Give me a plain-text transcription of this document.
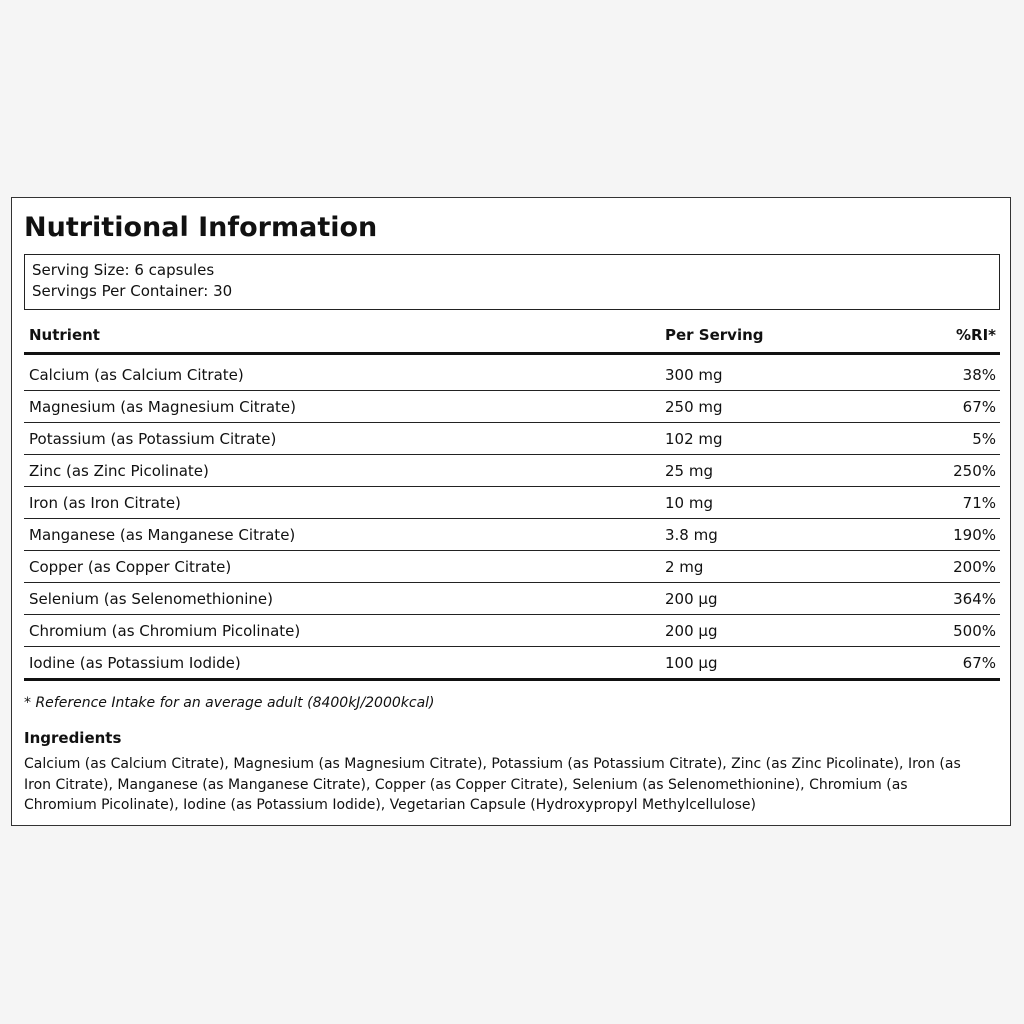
Nutritional Information
Serving Size: 6 capsules
Servings Per Container: 30
Nutrient	Per Serving	%RI*
Calcium (as Calcium Citrate)	300 mg	38%
Magnesium (as Magnesium Citrate)	250 mg	67%
Potassium (as Potassium Citrate)	102 mg	5%
Zinc (as Zinc Picolinate)	25 mg	250%
Iron (as Iron Citrate)	10 mg	71%
Manganese (as Manganese Citrate)	3.8 mg	190%
Copper (as Copper Citrate)	2 mg	200%
Selenium (as Selenomethionine)	200 µg	364%
Chromium (as Chromium Picolinate)	200 µg	500%
Iodine (as Potassium Iodide)	100 µg	67%
* Reference Intake for an average adult (8400kJ/2000kcal)
Ingredients

Calcium (as Calcium Citrate), Magnesium (as Magnesium Citrate), Potassium (as Potassium Citrate), Zinc (as Zinc Picolinate), Iron (as Iron Citrate), Manganese (as Manganese Citrate), Copper (as Copper Citrate), Selenium (as Selenomethionine), Chromium (as Chromium Picolinate), Iodine (as Potassium Iodide), Vegetarian Capsule (Hydroxypropyl Methylcellulose)
